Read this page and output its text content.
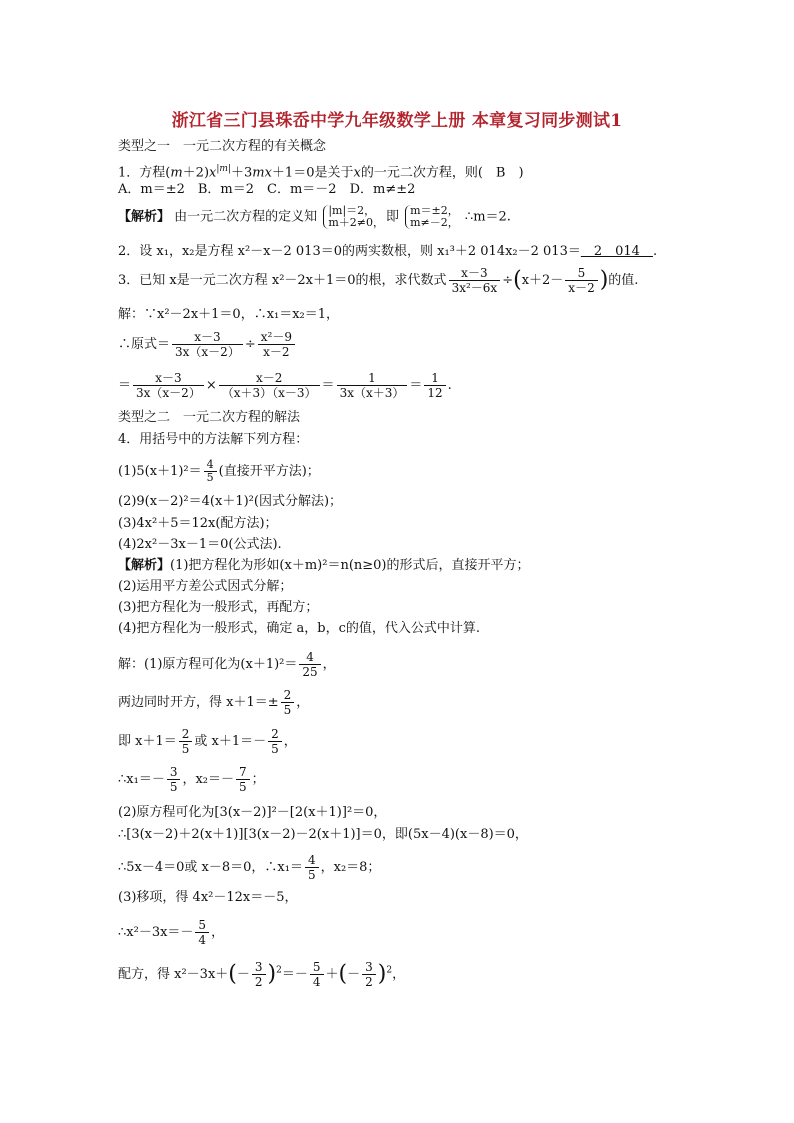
浙江省三门县珠岙中学九年级数学上册 本章复习同步测试1
类型之一　一元二次方程的有关概念
1．方程$(m+2)x^{|m|}+3mx+1=0$是关于x的一元二次方程，则(　B　)
A．m＝±2　B．m＝2　C．m＝－2　D．m≠±2
【解析】 由一元二次方程的定义知 |m|＝2，
m＋2≠0， 即 m＝±2，
m≠－2， ∴m＝2.
2．设 x₁，x₂是方程 x²－x－2 013＝0的两实数根，则 x₁³＋2 014x₂－2 013＝　2　014　.
3．已知 x是一元二次方程 x²－2x＋1＝0的根，求代数式 $\frac{x-3}{\text{3x²－6x}} \div(x+2- \frac{5}{x-2}$ )的值.
解：∵x²－2x＋1＝0，∴x₁＝x₂＝1，
∴原式＝ $\frac{x-3}{3x(x-2)} \div \frac{\text{x²－9}}{x-2}$
＝ $\frac{x-3}{3x(x-2)} \times \frac{x-2}{(x+3)(x-3)} = \frac{1}{3x(x+3)} = \frac{1}{12}$ .
类型之二　一元二次方程的解法
4．用括号中的方法解下列方程：
$(1)5(x+1)^2= \frac{4}{5}$ (直接开平方法)；
(2)9(x－2)²＝4(x＋1)²(因式分解法)；
(3)4x²＋5＝12x(配方法)；
(4)2x²－3x－1＝0(公式法).
【解析】(1)把方程化为形如(x＋m)²＝n(n≥0)的形式后，直接开平方；
(2)运用平方差公式因式分解；
(3)把方程化为一般形式，再配方；
(4)把方程化为一般形式，确定 a，b，c的值，代入公式中计算.
解：(1)原方程可化为$(x+1)^2= \frac{4}{25}$ ，
两边同时开方，得 $x+1=\pm \frac{2}{5}$ ，
即 $x+1= \frac{2}{5}$ 或 $x+1=- \frac{2}{5}$ ，
∴x₁＝－ $\frac{3}{5}$ ，$x_2=- \frac{7}{5}$ ；
(2)原方程可化为[3(x－2)]²－[2(x＋1)]²＝0，
∴[3(x－2)＋2(x＋1)][3(x－2)－2(x＋1)]＝0，即(5x－4)(x－8)＝0，
∴5x－4＝0或 x－8＝0，∴x₁＝ $\frac{4}{5}$ ，x₂＝8；
(3)移项，得 4x²－12x＝－5，
∴x²－3x＝－ $\frac{5}{4}$ ，
配方，得 $x^2-3x+(- \frac{3}{2} )^2=- \frac{5}{4}$ ＋(－ $\frac{3}{2} )^2$，
